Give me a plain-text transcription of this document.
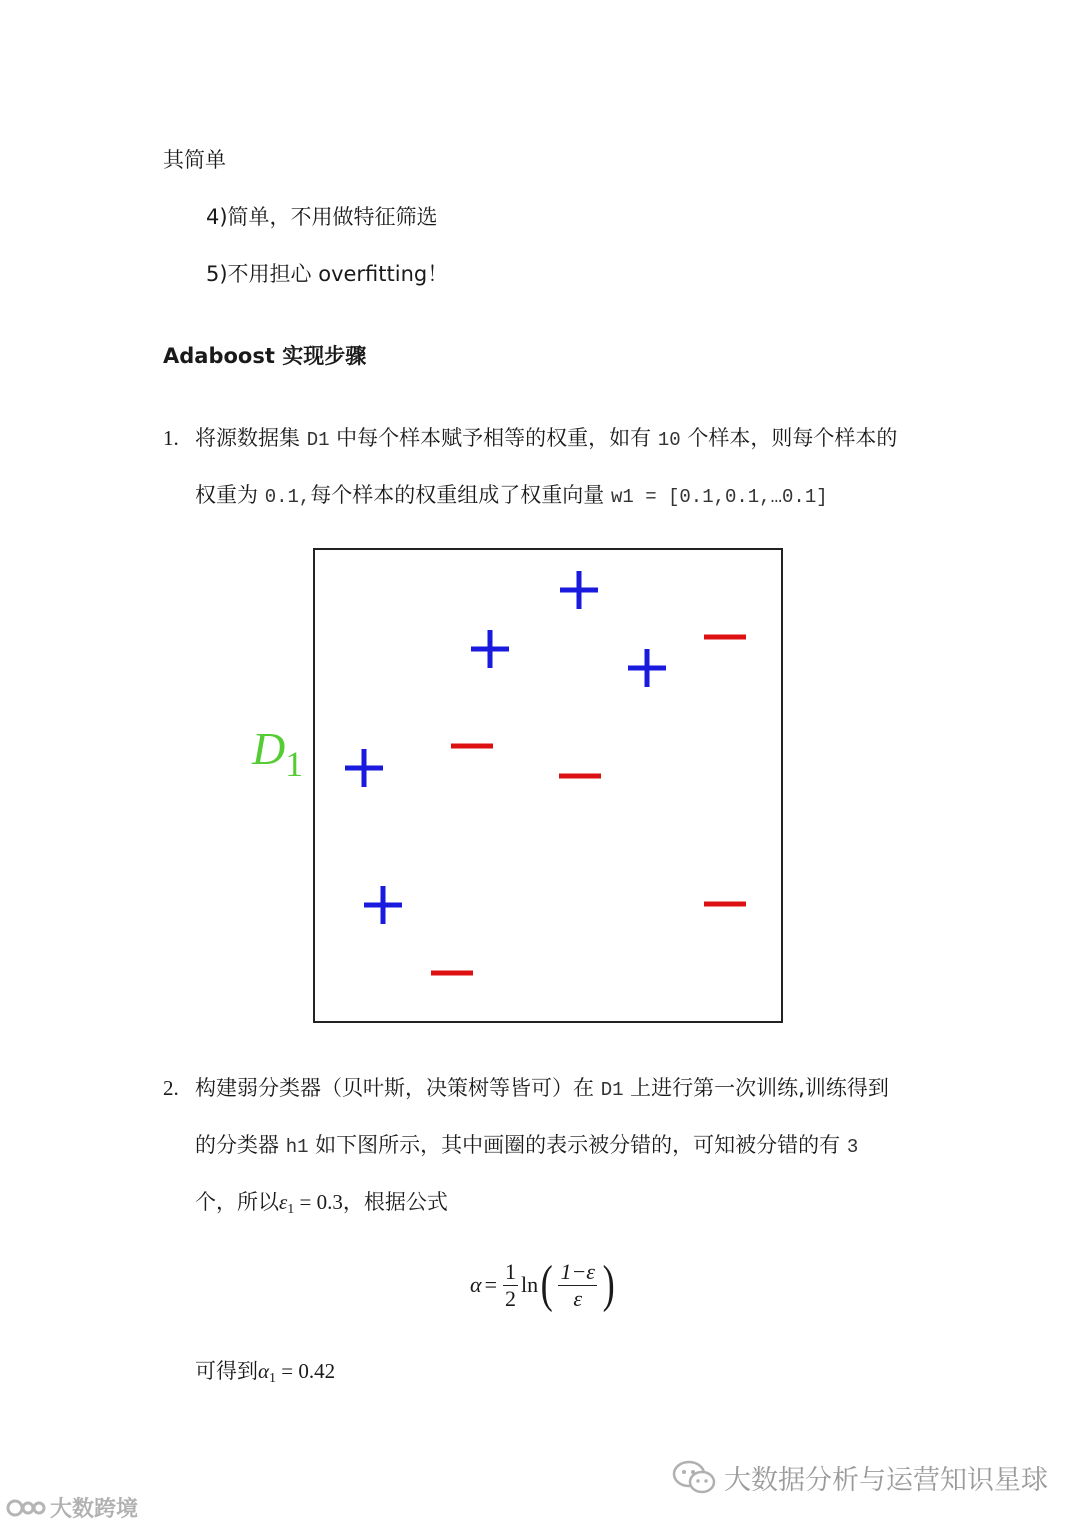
其简单
4)简单，不用做特征筛选
5)不用担心 overfitting！
Adaboost 实现步骤
1. 将源数据集 D1 中每个样本赋予相等的权重，如有 10 个样本，则每个样本的
权重为 0.1,每个样本的权重组成了权重向量 w1 = [0.1,0.1,…0.1]
$D_1$
2. 构建弱分类器（贝叶斯，决策树等皆可）在 D1 上进行第一次训练,训练得到
的分类器 h1 如下图所示，其中画圈的表示被分错的，可知被分错的有 3
个，所以$\varepsilon_1 = 0.3$，根据公式
$\alpha = \frac{1}{2}$ ln ( $\frac{1-\varepsilon}{\varepsilon}$ )
可得到$\alpha_1 = 0.42$
大数据分析与运营知识星球
大数跨境
